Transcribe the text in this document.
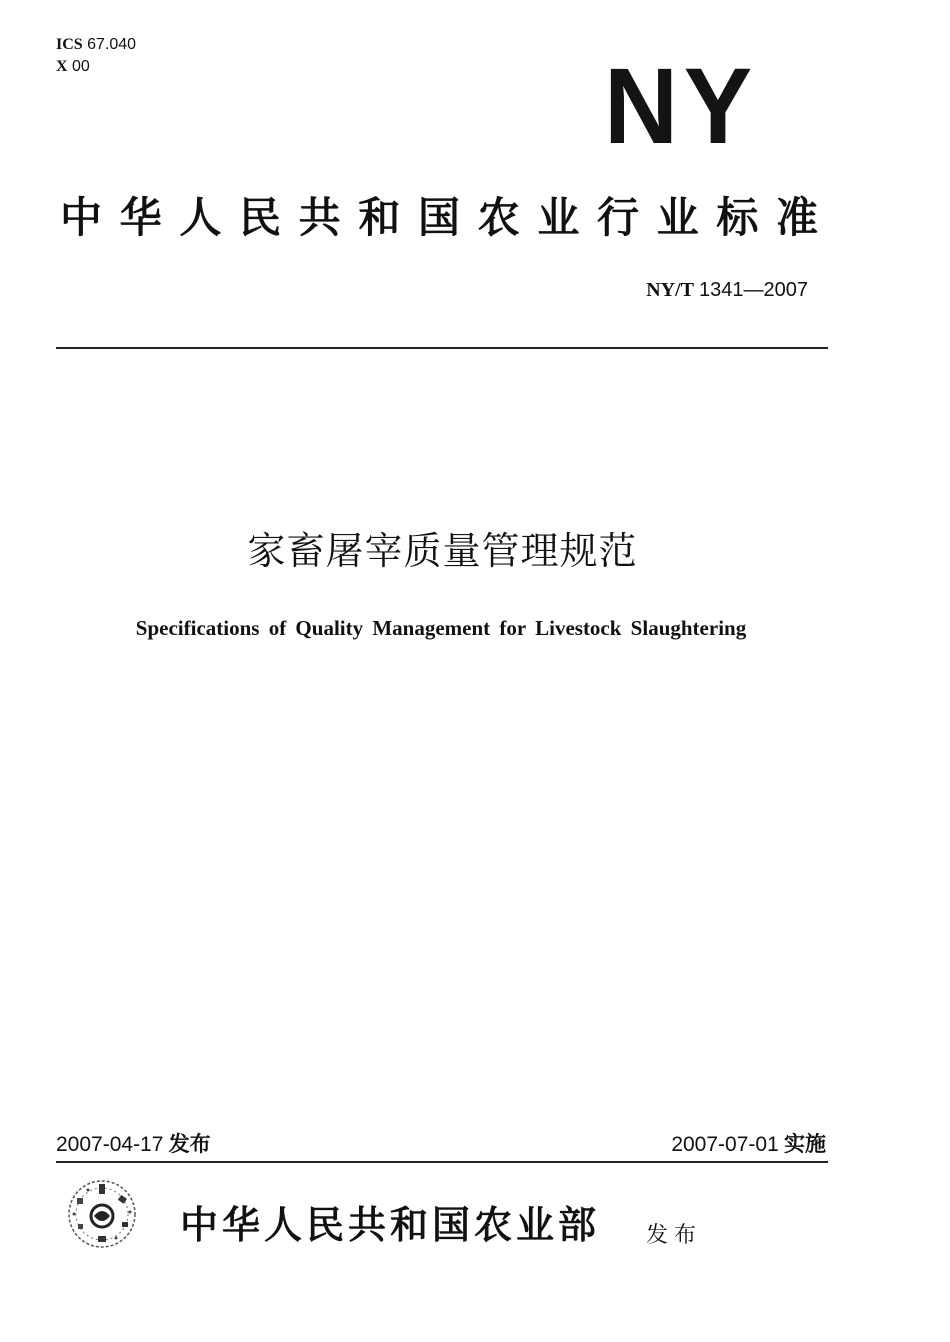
ICS 67.040
X 00	NY
中华人民共和国农业行业标准
NY/T 1341—2007
家畜屠宰质量管理规范
Specifications of Quality Management for Livestock Slaughtering
2007-04-17 发布	2007-07-01 实施
中华人民共和国农业部 发布
